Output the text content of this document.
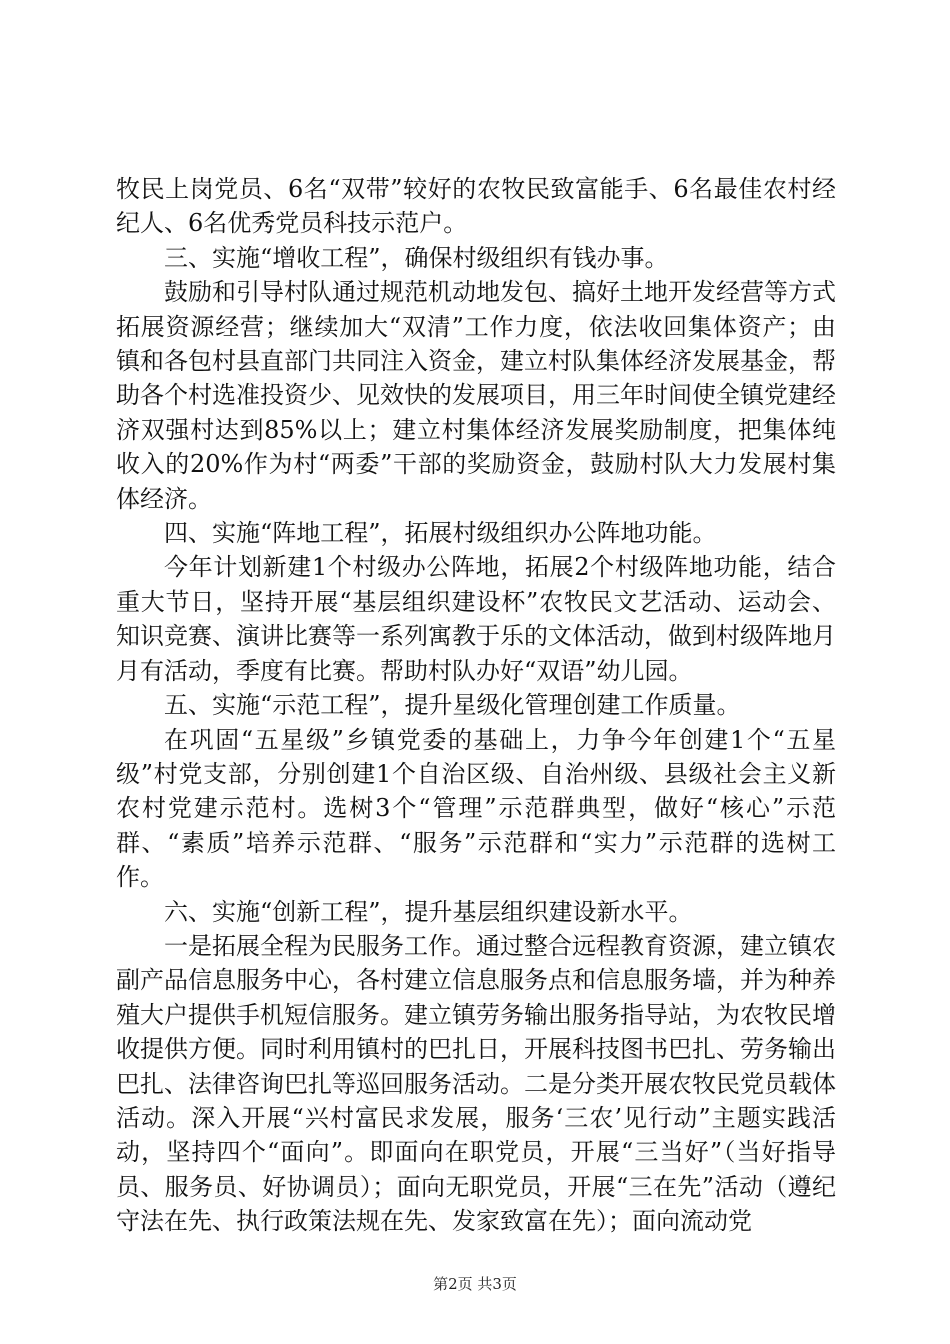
牧民上岗党员、6名“双带”较好的农牧民致富能手、6名最佳农村经纪人、6名优秀党员科技示范户。

三、实施“增收工程”，确保村级组织有钱办事。

鼓励和引导村队通过规范机动地发包、搞好土地开发经营等方式拓展资源经营；继续加大“双清”工作力度，依法收回集体资产；由镇和各包村县直部门共同注入资金，建立村队集体经济发展基金，帮助各个村选准投资少、见效快的发展项目，用三年时间使全镇党建经济双强村达到85%以上；建立村集体经济发展奖励制度，把集体纯收入的20%作为村“两委”干部的奖励资金，鼓励村队大力发展村集体经济。

四、实施“阵地工程”，拓展村级组织办公阵地功能。

今年计划新建1个村级办公阵地，拓展2个村级阵地功能，结合重大节日，坚持开展“基层组织建设杯”农牧民文艺活动、运动会、知识竞赛、演讲比赛等一系列寓教于乐的文体活动，做到村级阵地月月有活动，季度有比赛。帮助村队办好“双语”幼儿园。

五、实施“示范工程”，提升星级化管理创建工作质量。

在巩固“五星级”乡镇党委的基础上，力争今年创建1个“五星级”村党支部，分别创建1个自治区级、自治州级、县级社会主义新农村党建示范村。选树3个“管理”示范群典型，做好“核心”示范群、“素质”培养示范群、“服务”示范群和“实力”示范群的选树工作。

六、实施“创新工程”，提升基层组织建设新水平。

一是拓展全程为民服务工作。通过整合远程教育资源，建立镇农副产品信息服务中心，各村建立信息服务点和信息服务墙，并为种养殖大户提供手机短信服务。建立镇劳务输出服务指导站，为农牧民增收提供方便。同时利用镇村的巴扎日，开展科技图书巴扎、劳务输出巴扎、法律咨询巴扎等巡回服务活动。二是分类开展农牧民党员载体活动。深入开展“兴村富民求发展，服务‘三农’见行动”主题实践活动，坚持四个“面向”。即面向在职党员，开展“三当好”（当好指导员、服务员、好协调员）；面向无职党员，开展“三在先”活动（遵纪守法在先、执行政策法规在先、发家致富在先）；面向流动党

第2页 共3页
